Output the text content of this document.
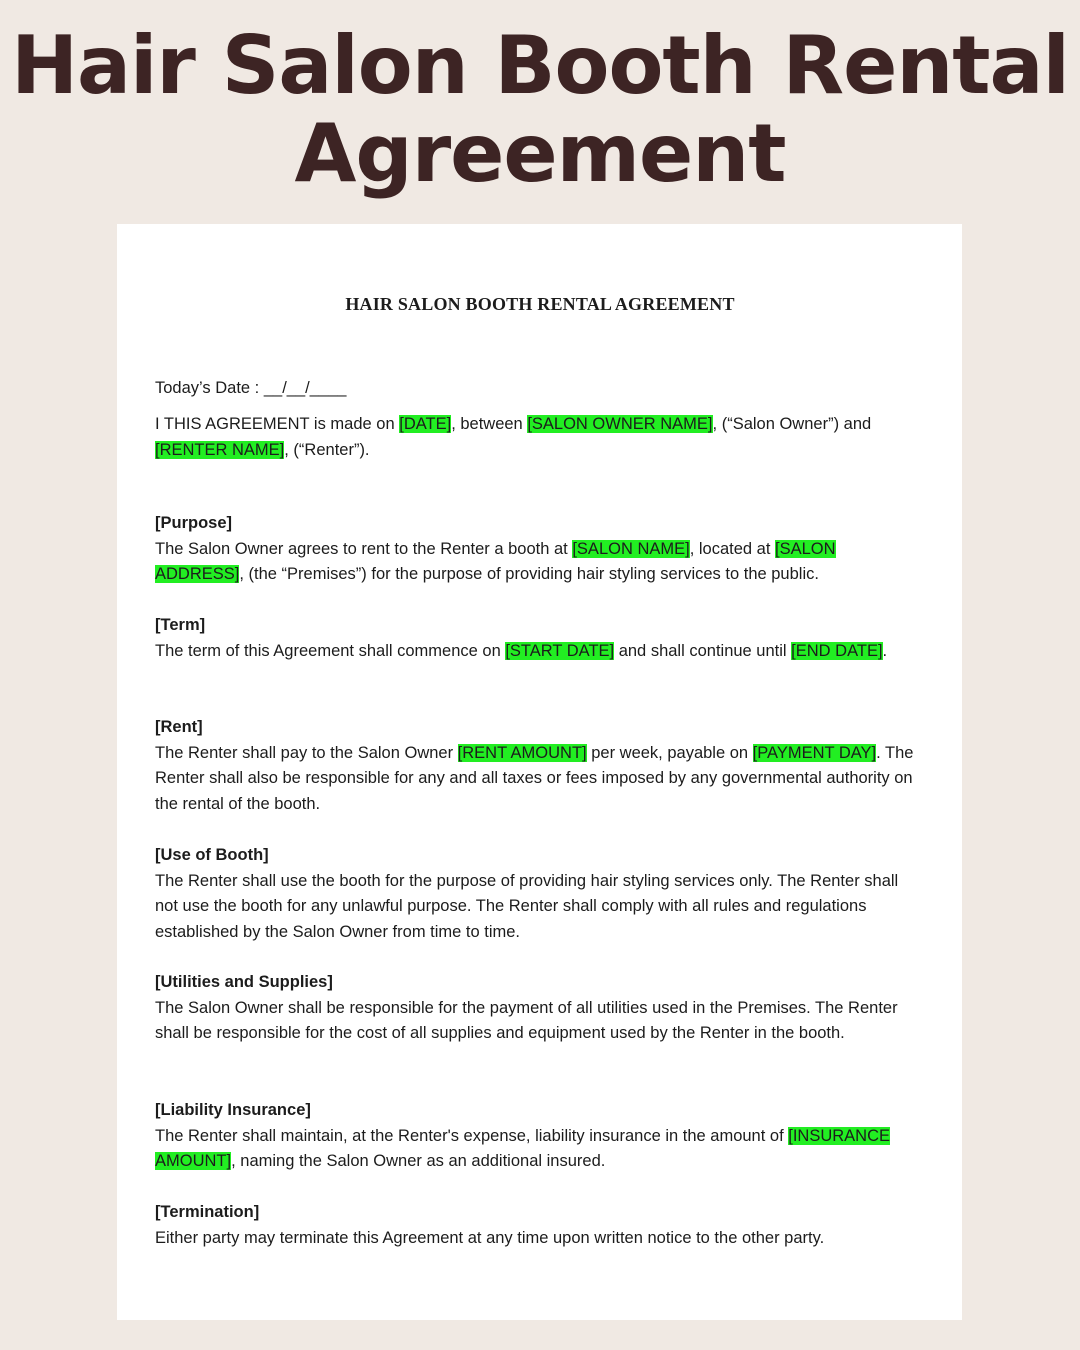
Hair Salon Booth Rental
Agreement
HAIR SALON BOOTH RENTAL AGREEMENT

Today’s Date : __/__/____

I THIS AGREEMENT is made on [DATE], between [SALON OWNER NAME], (“Salon Owner”) and [RENTER NAME], (“Renter”).

[Purpose]
The Salon Owner agrees to rent to the Renter a booth at [SALON NAME], located at [SALON ADDRESS], (the “Premises”) for the purpose of providing hair styling services to the public.

[Term]
The term of this Agreement shall commence on [START DATE] and shall continue until [END DATE].

[Rent]
The Renter shall pay to the Salon Owner [RENT AMOUNT] per week, payable on [PAYMENT DAY]. The Renter shall also be responsible for any and all taxes or fees imposed by any governmental authority on the rental of the booth.

[Use of Booth]
The Renter shall use the booth for the purpose of providing hair styling services only. The Renter shall not use the booth for any unlawful purpose. The Renter shall comply with all rules and regulations established by the Salon Owner from time to time.

[Utilities and Supplies]
The Salon Owner shall be responsible for the payment of all utilities used in the Premises. The Renter shall be responsible for the cost of all supplies and equipment used by the Renter in the booth.

[Liability Insurance]
The Renter shall maintain, at the Renter's expense, liability insurance in the amount of [INSURANCE AMOUNT], naming the Salon Owner as an additional insured.

[Termination]
Either party may terminate this Agreement at any time upon written notice to the other party.
